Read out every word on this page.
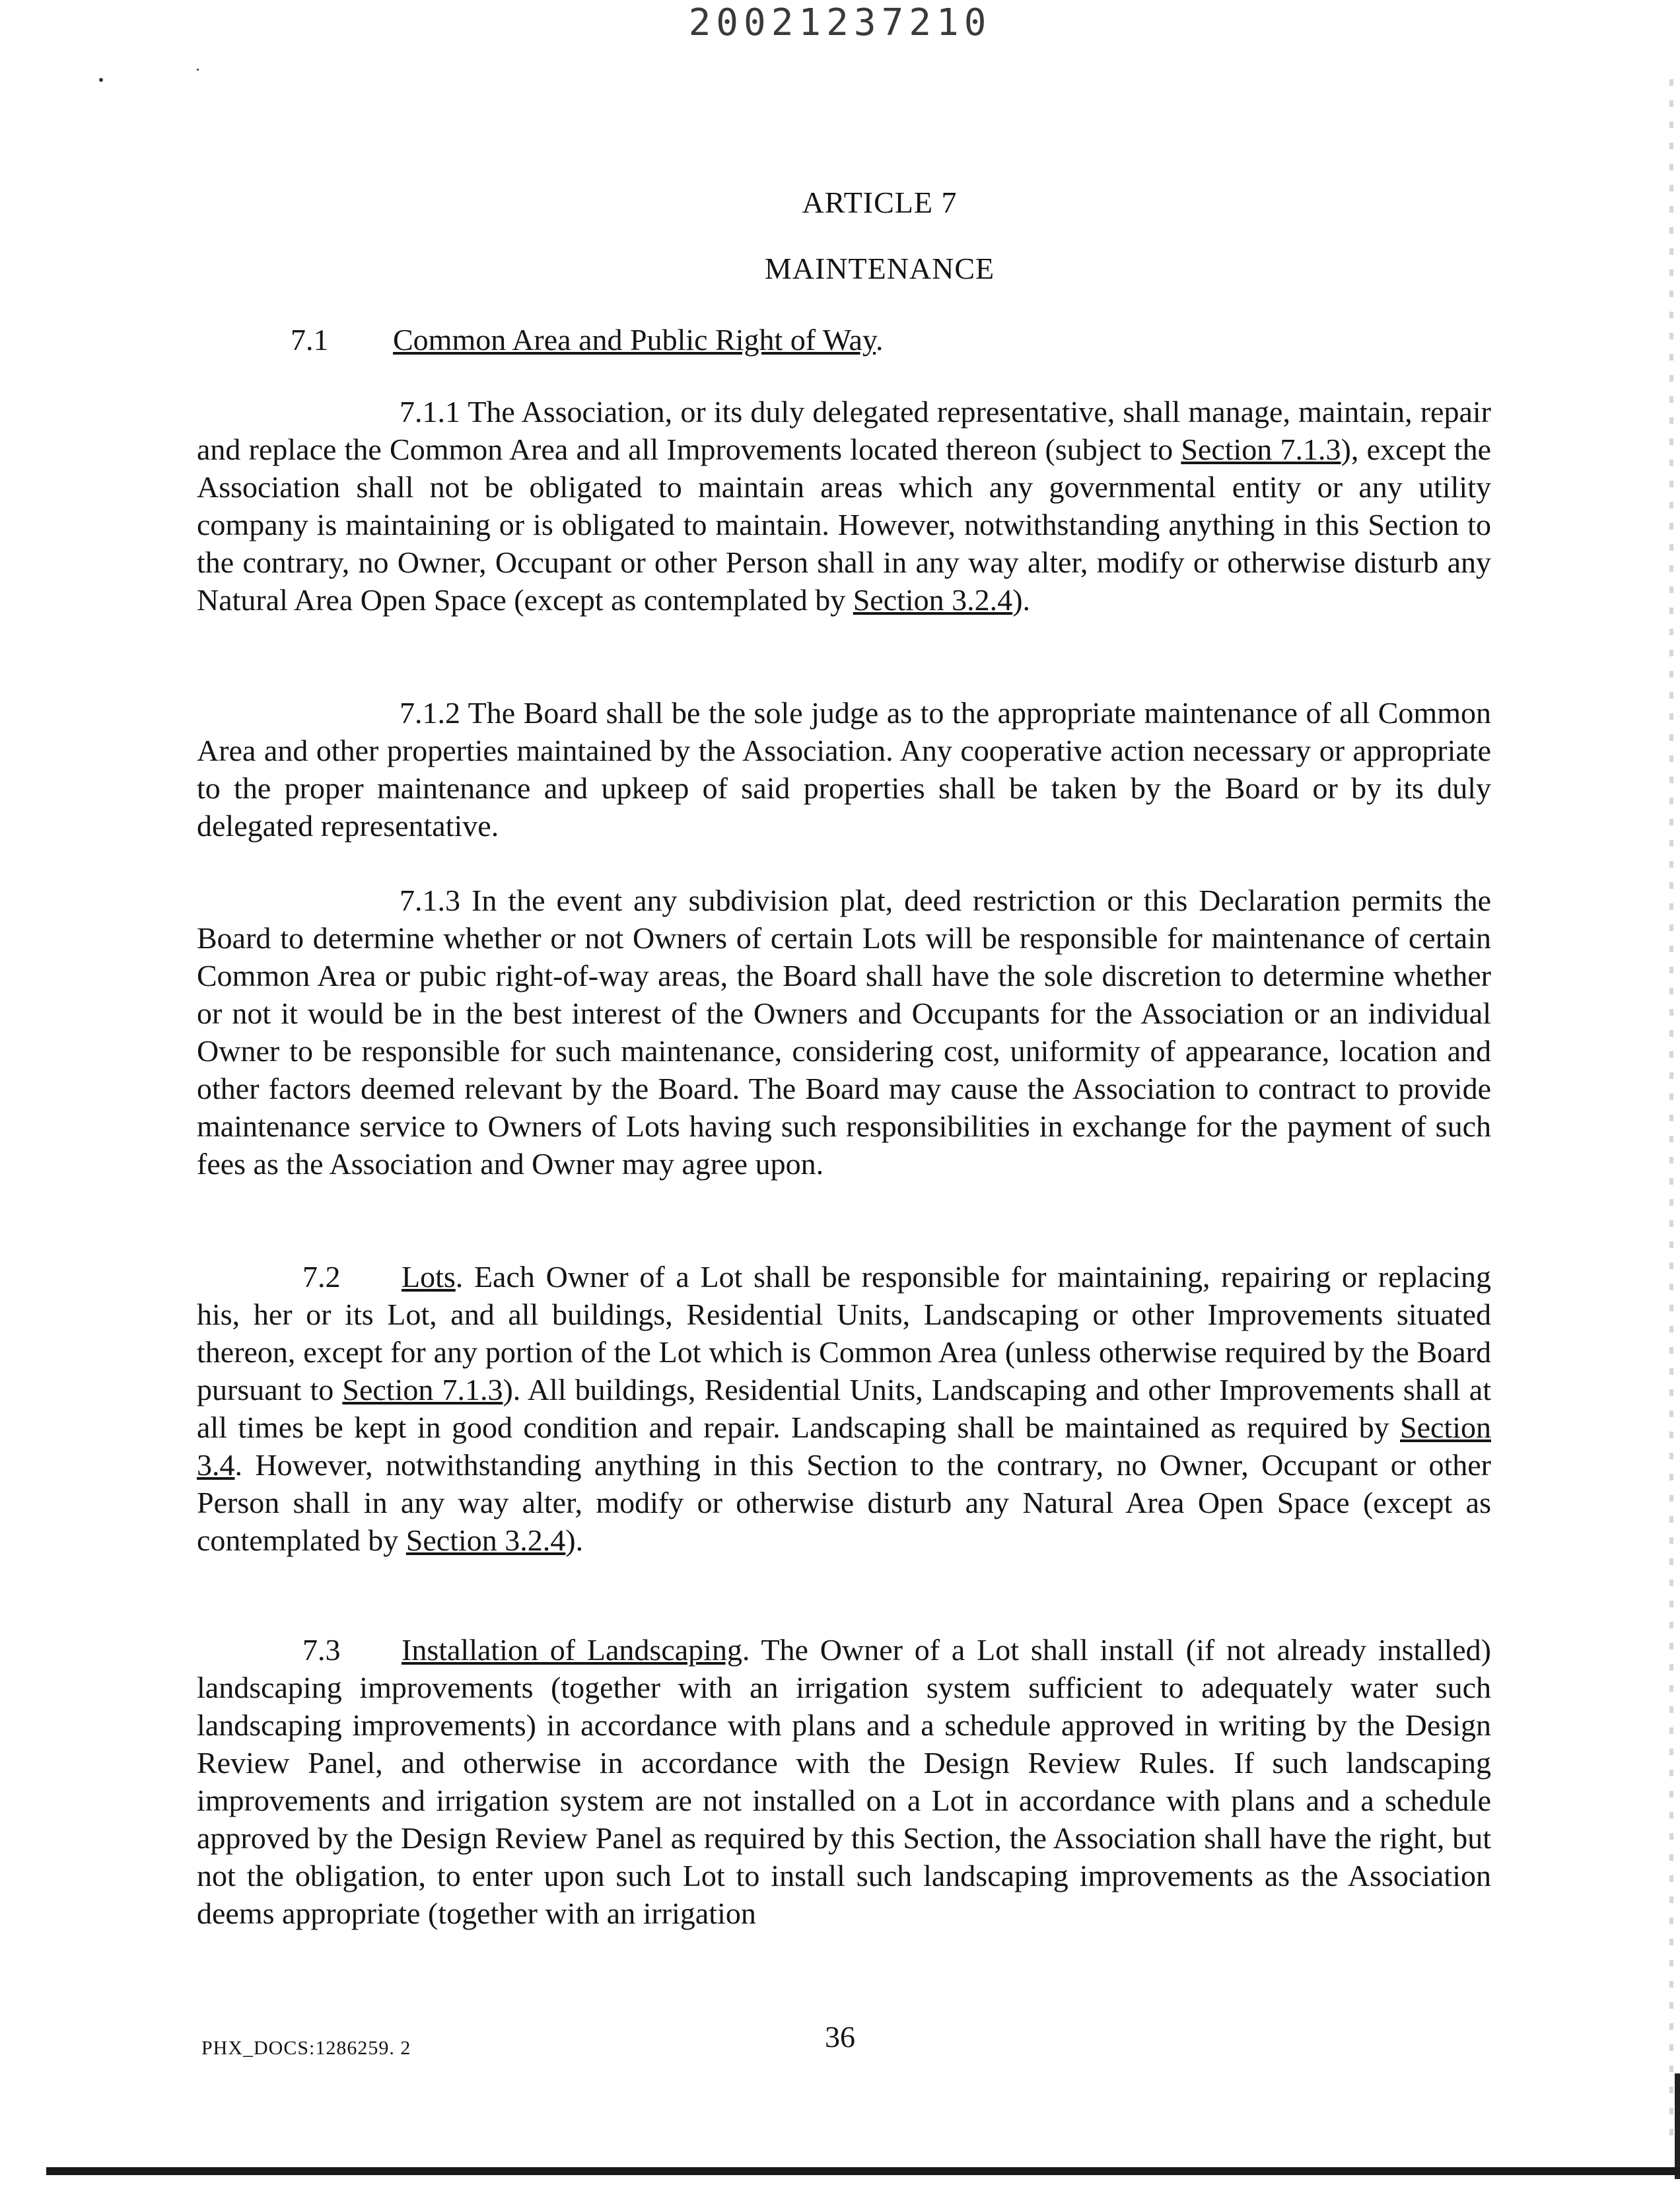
20021237210
ARTICLE 7
MAINTENANCE
7.1 Common Area and Public Right of Way.

7.1.1 The Association, or its duly delegated representative, shall manage, maintain, repair and replace the Common Area and all Improvements located thereon (subject to Section 7.1.3), except the Association shall not be obligated to maintain areas which any governmental entity or any utility company is maintaining or is obligated to maintain. However, notwithstanding anything in this Section to the contrary, no Owner, Occupant or other Person shall in any way alter, modify or otherwise disturb any Natural Area Open Space (except as contemplated by Section 3.2.4).

7.1.2 The Board shall be the sole judge as to the appropriate maintenance of all Common Area and other properties maintained by the Association. Any cooperative action necessary or appropriate to the proper maintenance and upkeep of said properties shall be taken by the Board or by its duly delegated representative.

7.1.3 In the event any subdivision plat, deed restriction or this Declaration permits the Board to determine whether or not Owners of certain Lots will be responsible for maintenance of certain Common Area or pubic right-of-way areas, the Board shall have the sole discretion to determine whether or not it would be in the best interest of the Owners and Occupants for the Association or an individual Owner to be responsible for such maintenance, considering cost, uniformity of appearance, location and other factors deemed relevant by the Board. The Board may cause the Association to contract to provide maintenance service to Owners of Lots having such responsibilities in exchange for the payment of such fees as the Association and Owner may agree upon.

7.2 Lots. Each Owner of a Lot shall be responsible for maintaining, repairing or replacing his, her or its Lot, and all buildings, Residential Units, Landscaping or other Improvements situated thereon, except for any portion of the Lot which is Common Area (unless otherwise required by the Board pursuant to Section 7.1.3). All buildings, Residential Units, Landscaping and other Improvements shall at all times be kept in good condition and repair. Landscaping shall be maintained as required by Section 3.4. However, notwithstanding anything in this Section to the contrary, no Owner, Occupant or other Person shall in any way alter, modify or otherwise disturb any Natural Area Open Space (except as contemplated by Section 3.2.4).

7.3 Installation of Landscaping. The Owner of a Lot shall install (if not already installed) landscaping improvements (together with an irrigation system sufficient to adequately water such landscaping improvements) in accordance with plans and a schedule approved in writing by the Design Review Panel, and otherwise in accordance with the Design Review Rules. If such landscaping improvements and irrigation system are not installed on a Lot in accordance with plans and a schedule approved by the Design Review Panel as required by this Section, the Association shall have the right, but not the obligation, to enter upon such Lot to install such landscaping improvements as the Association deems appropriate (together with an irrigation

PHX_DOCS:1286259. 2	36
